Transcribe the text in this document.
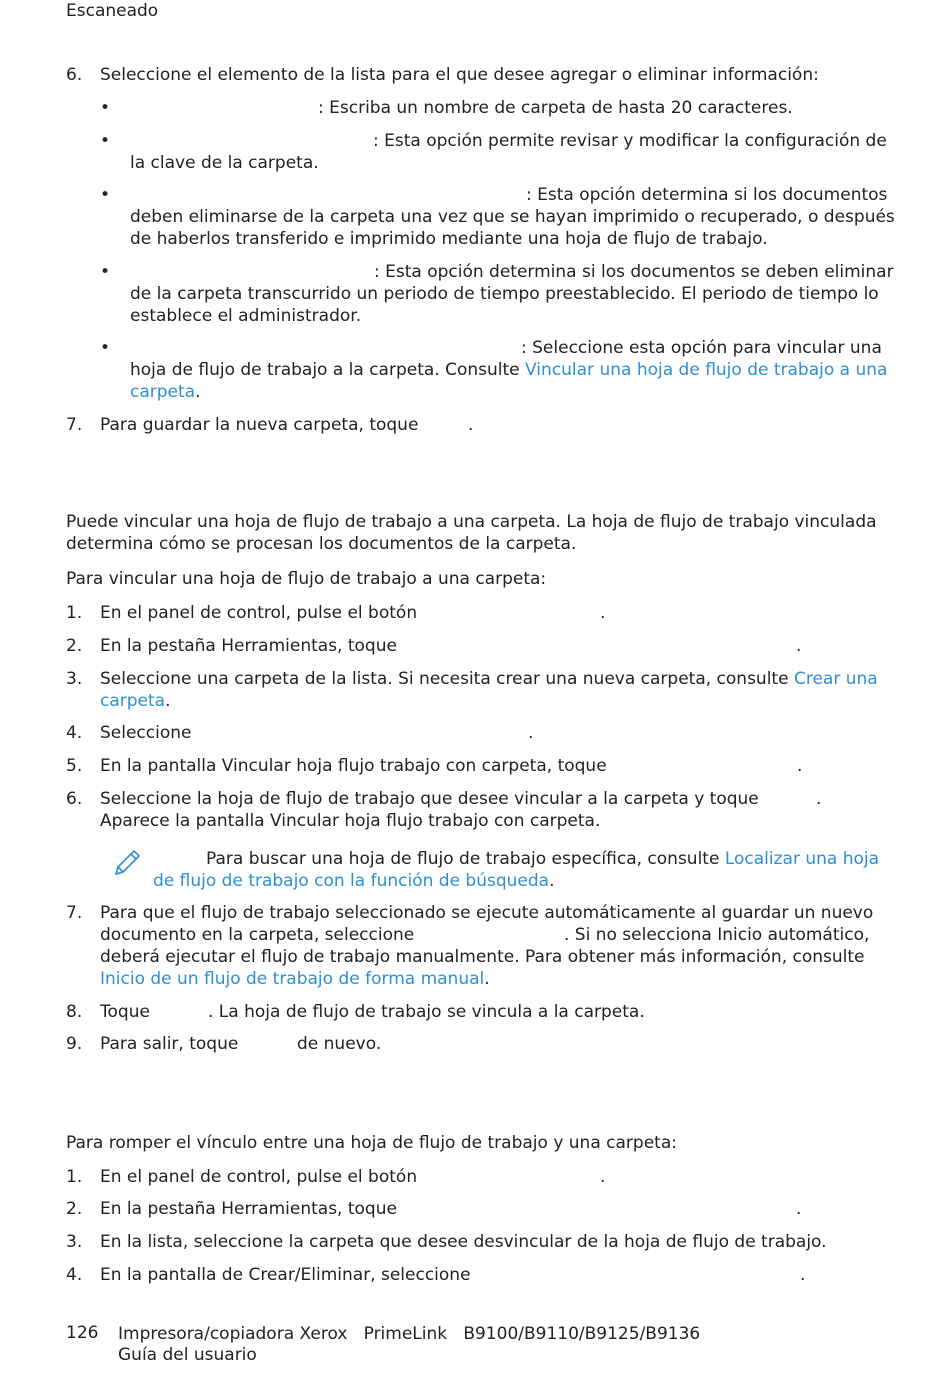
Escaneado
6. Seleccione el elemento de la lista para el que desee agregar o eliminar información:
•	: Escriba un nombre de carpeta de hasta 20 caracteres.
•	: Esta opción permite revisar y modificar la configuración de
la clave de la carpeta.
•	: Esta opción determina si los documentos
deben eliminarse de la carpeta una vez que se hayan imprimido o recuperado, o después
de haberlos transferido e imprimido mediante una hoja de flujo de trabajo.
•	: Esta opción determina si los documentos se deben eliminar
de la carpeta transcurrido un periodo de tiempo preestablecido. El periodo de tiempo lo
establece el administrador.
•	: Seleccione esta opción para vincular una
hoja de flujo de trabajo a la carpeta. Consulte Vincular una hoja de flujo de trabajo a una
carpeta.
7. Para guardar la nueva carpeta, toque	.
Puede vincular una hoja de flujo de trabajo a una carpeta. La hoja de flujo de trabajo vinculada
determina cómo se procesan los documentos de la carpeta.
Para vincular una hoja de flujo de trabajo a una carpeta:
1. En el panel de control, pulse el botón	.
2. En la pestaña Herramientas, toque	.
3. Seleccione una carpeta de la lista. Si necesita crear una nueva carpeta, consulte Crear una
carpeta.
4. Seleccione	.
5. En la pantalla Vincular hoja flujo trabajo con carpeta, toque	.
6. Seleccione la hoja de flujo de trabajo que desee vincular a la carpeta y toque	.
Aparece la pantalla Vincular hoja flujo trabajo con carpeta.
Para buscar una hoja de flujo de trabajo específica, consulte Localizar una hoja
de flujo de trabajo con la función de búsqueda.
7. Para que el flujo de trabajo seleccionado se ejecute automáticamente al guardar un nuevo
documento en la carpeta, seleccione	. Si no selecciona Inicio automático,
deberá ejecutar el flujo de trabajo manualmente. Para obtener más información, consulte
Inicio de un flujo de trabajo de forma manual.
8. Toque	. La hoja de flujo de trabajo se vincula a la carpeta.
9. Para salir, toque	de nuevo.
Para romper el vínculo entre una hoja de flujo de trabajo y una carpeta:
1. En el panel de control, pulse el botón	.
2. En la pestaña Herramientas, toque	.
3. En la lista, seleccione la carpeta que desee desvincular de la hoja de flujo de trabajo.
4. En la pantalla de Crear/Eliminar, seleccione	.
126 Impresora/copiadora Xerox   PrimeLink   B9100/B9110/B9125/B9136
Guía del usuario
